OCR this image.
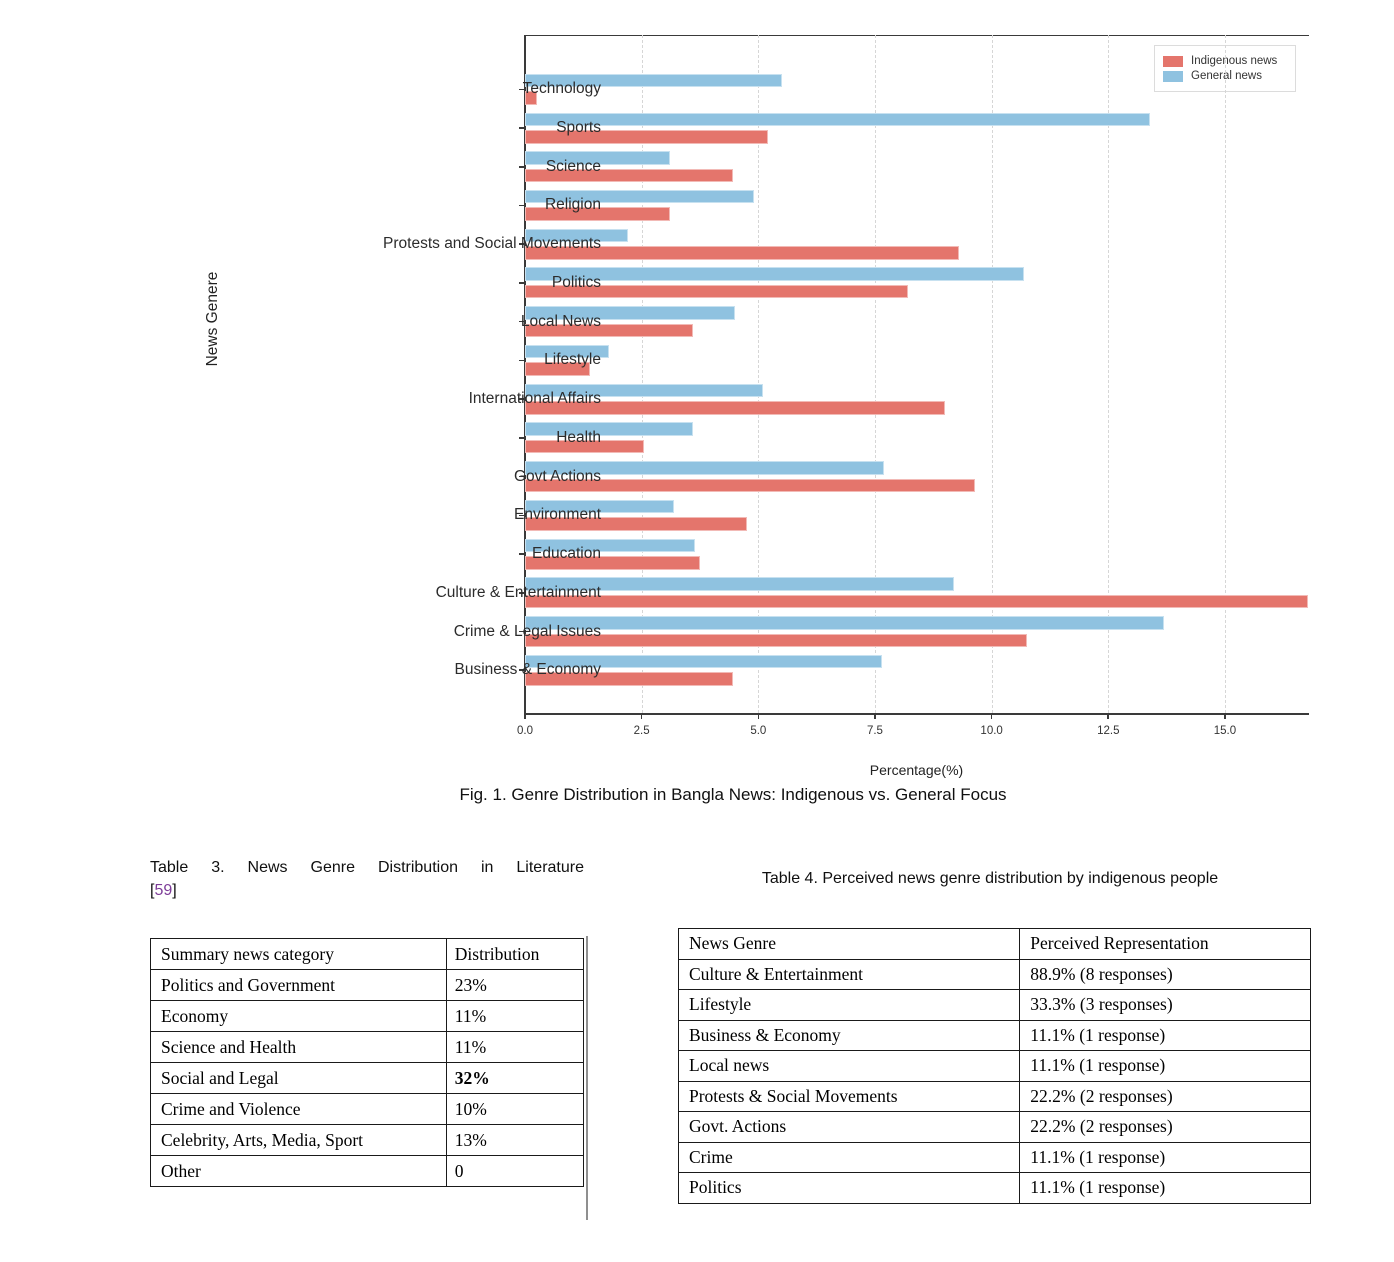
News Genere
Indigenous news
General news
0.0	2.5	5.0	7.5	10.0	12.5	15.0
Percentage(%)
Fig. 1. Genre Distribution in Bangla News: Indigenous vs. General Focus
Table 3. News Genre Distribution in Literature
[59]
Summary news category	Distribution
Politics and Government	23%
Economy	11%
Science and Health	11%
Social and Legal	32%
Crime and Violence	10%
Celebrity, Arts, Media, Sport	13%
Other	0
Table 4. Perceived news genre distribution by indigenous people
News Genre	Perceived Representation
Culture & Entertainment	88.9% (8 responses)
Lifestyle	33.3% (3 responses)
Business & Economy	11.1% (1 response)
Local news	11.1% (1 response)
Protests & Social Movements	22.2% (2 responses)
Govt. Actions	22.2% (2 responses)
Crime	11.1% (1 response)
Politics	11.1% (1 response)
Technology
Sports
Science
Religion
Protests and Social Movements
Politics
Local News
Lifestyle
International Affairs
Health
Govt Actions
Environment
Education
Culture & Entertainment
Crime & Legal Issues
Business & Economy
